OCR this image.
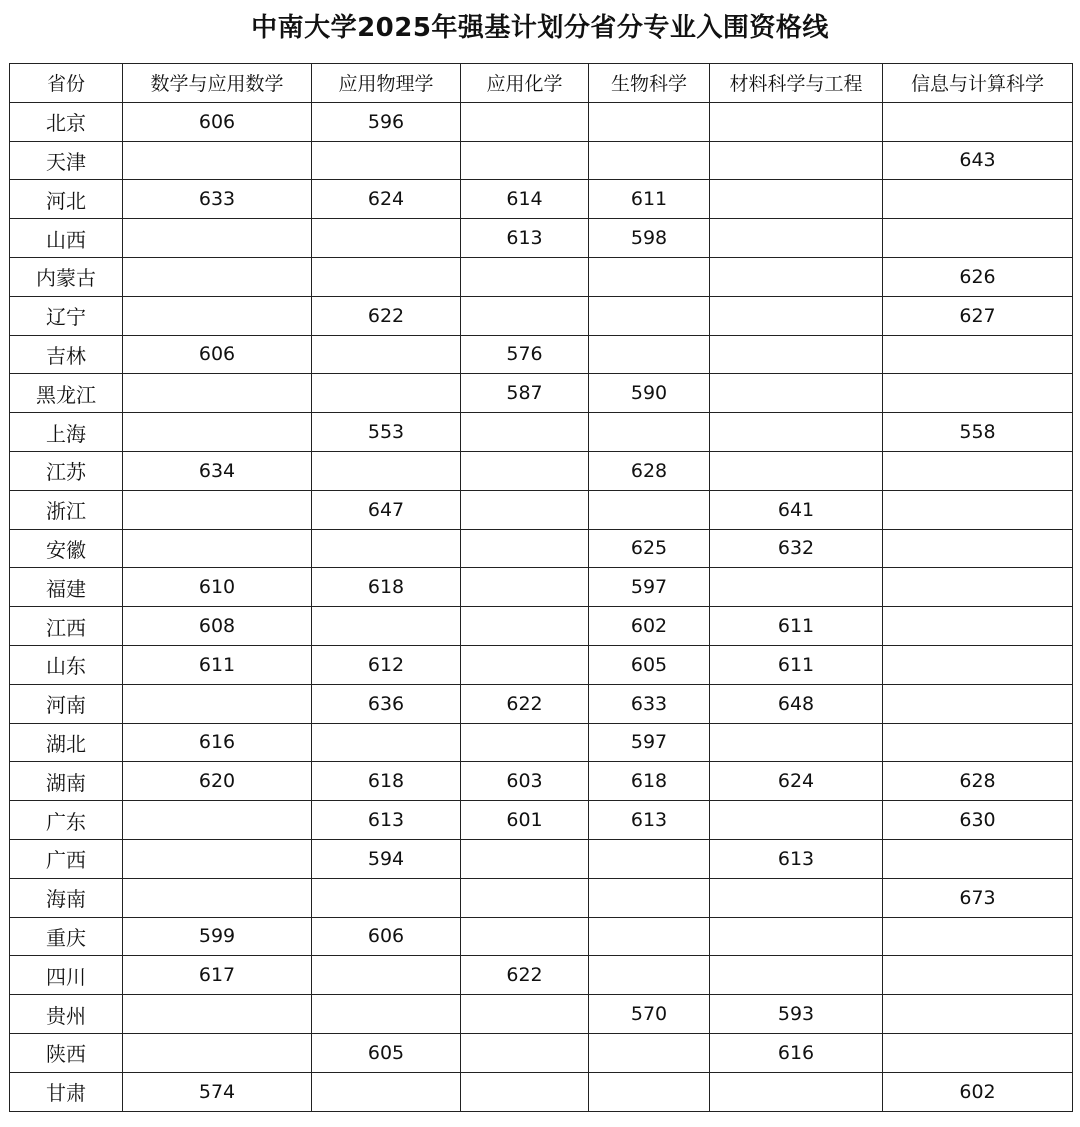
中南大学2025年强基计划分省分专业入围资格线
省份	数学与应用数学	应用物理学	应用化学	生物科学	材料科学与工程	信息与计算科学
北京	606	596				
天津						643
河北	633	624	614	611		
山西			613	598		
内蒙古						626
辽宁		622				627
吉林	606		576			
黑龙江			587	590		
上海		553				558
江苏	634			628		
浙江		647			641	
安徽				625	632	
福建	610	618		597		
江西	608			602	611	
山东	611	612		605	611	
河南		636	622	633	648	
湖北	616			597		
湖南	620	618	603	618	624	628
广东		613	601	613		630
广西		594			613	
海南						673
重庆	599	606				
四川	617		622			
贵州				570	593	
陕西		605			616	
甘肃	574					602
